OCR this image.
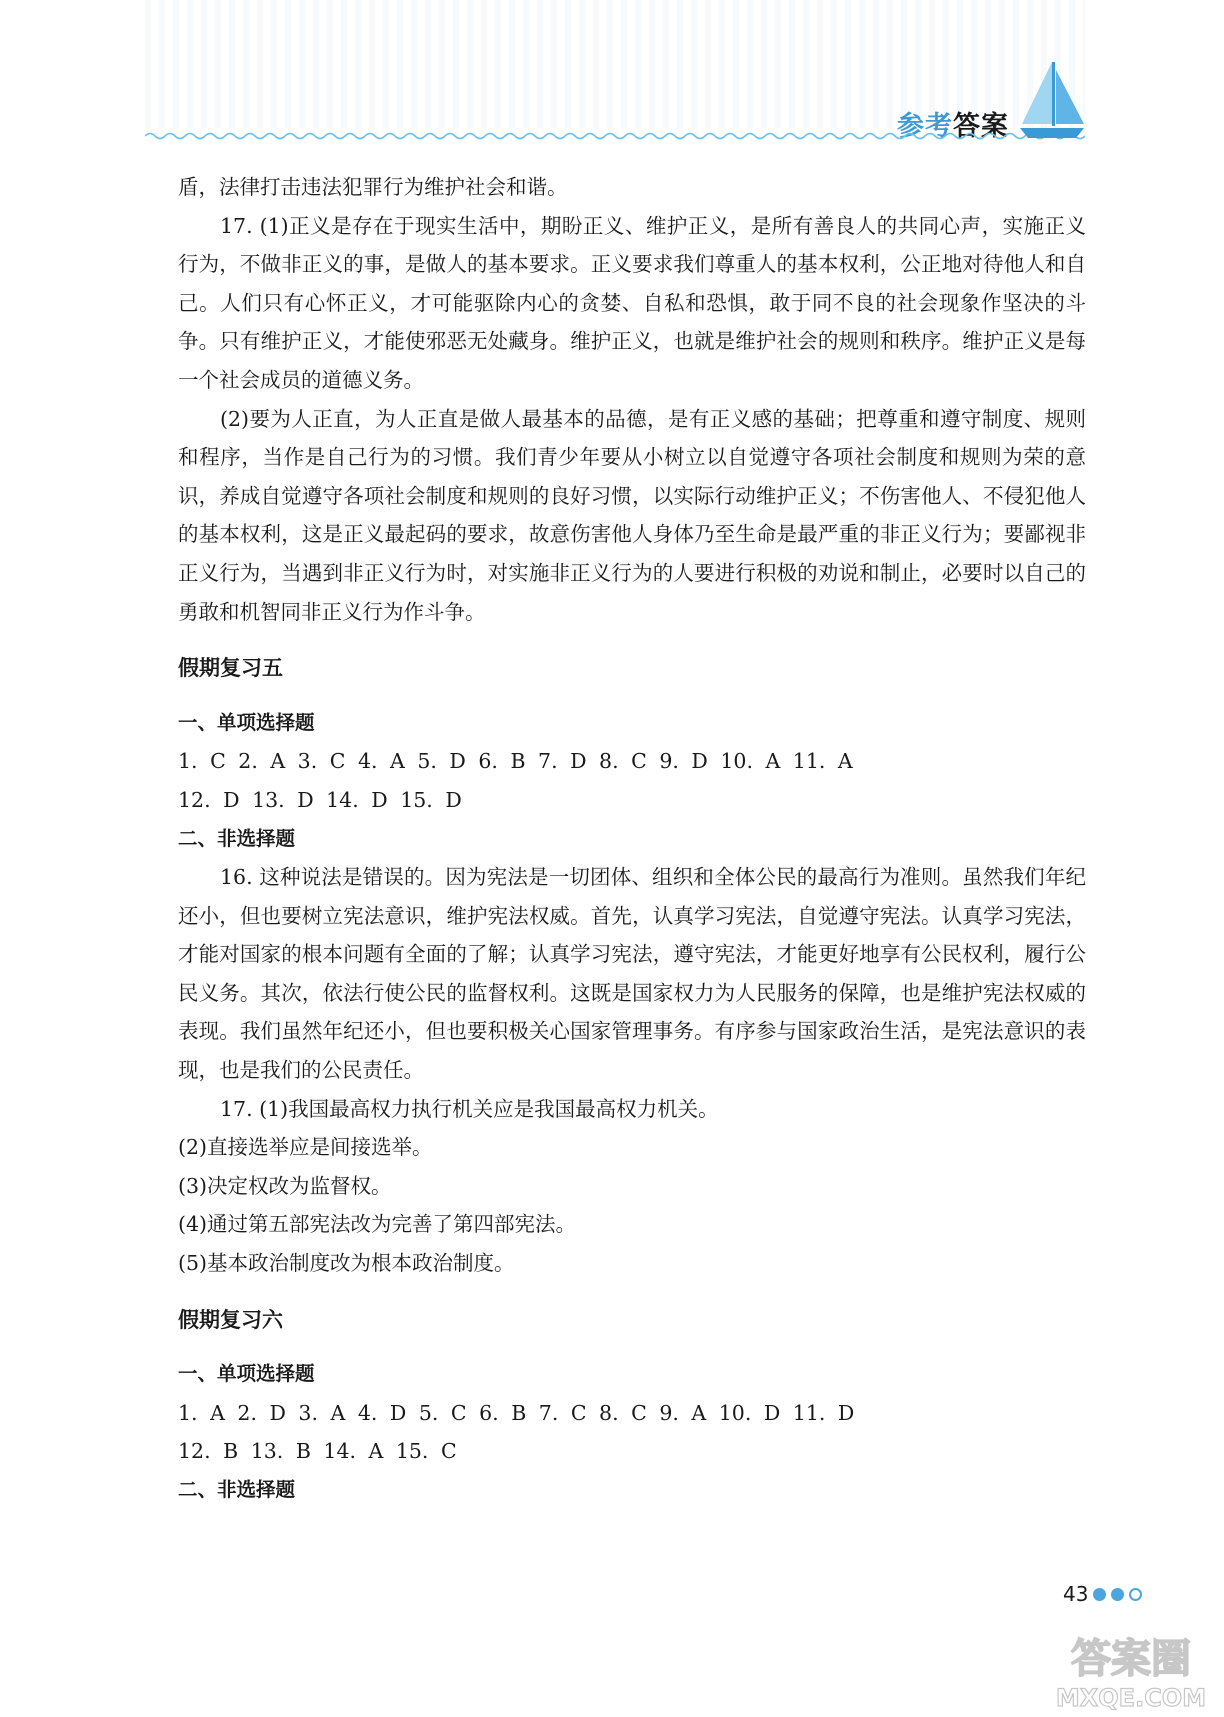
参考答案

盾，法律打击违法犯罪行为维护社会和谐。

17. (1)正义是存在于现实生活中，期盼正义、维护正义，是所有善良人的共同心声，实施正义行为，不做非正义的事，是做人的基本要求。正义要求我们尊重人的基本权利，公正地对待他人和自己。人们只有心怀正义，才可能驱除内心的贪婪、自私和恐惧，敢于同不良的社会现象作坚决的斗争。只有维护正义，才能使邪恶无处藏身。维护正义，也就是维护社会的规则和秩序。维护正义是每一个社会成员的道德义务。

(2)要为人正直，为人正直是做人最基本的品德，是有正义感的基础；把尊重和遵守制度、规则和程序，当作是自己行为的习惯。我们青少年要从小树立以自觉遵守各项社会制度和规则为荣的意识，养成自觉遵守各项社会制度和规则的良好习惯，以实际行动维护正义；不伤害他人、不侵犯他人的基本权利，这是正义最起码的要求，故意伤害他人身体乃至生命是最严重的非正义行为；要鄙视非正义行为，当遇到非正义行为时，对实施非正义行为的人要进行积极的劝说和制止，必要时以自己的勇敢和机智同非正义行为作斗争。

假期复习五

一、单项选择题

1. C 2. A 3. C 4. A 5. D 6. B 7. D 8. C 9. D 10. A 11. A

12. D 13. D 14. D 15. D

二、非选择题

16. 这种说法是错误的。因为宪法是一切团体、组织和全体公民的最高行为准则。虽然我们年纪还小，但也要树立宪法意识，维护宪法权威。首先，认真学习宪法，自觉遵守宪法。认真学习宪法，才能对国家的根本问题有全面的了解；认真学习宪法，遵守宪法，才能更好地享有公民权利，履行公民义务。其次，依法行使公民的监督权利。这既是国家权力为人民服务的保障，也是维护宪法权威的表现。我们虽然年纪还小，但也要积极关心国家管理事务。有序参与国家政治生活，是宪法意识的表现，也是我们的公民责任。

17. (1)我国最高权力执行机关应是我国最高权力机关。

(2)直接选举应是间接选举。

(3)决定权改为监督权。

(4)通过第五部宪法改为完善了第四部宪法。

(5)基本政治制度改为根本政治制度。

假期复习六

一、单项选择题

1. A 2. D 3. A 4. D 5. C 6. B 7. C 8. C 9. A 10. D 11. D

12. B 13. B 14. A 15. C

二、非选择题

43
答案圈
MXQE.COM
